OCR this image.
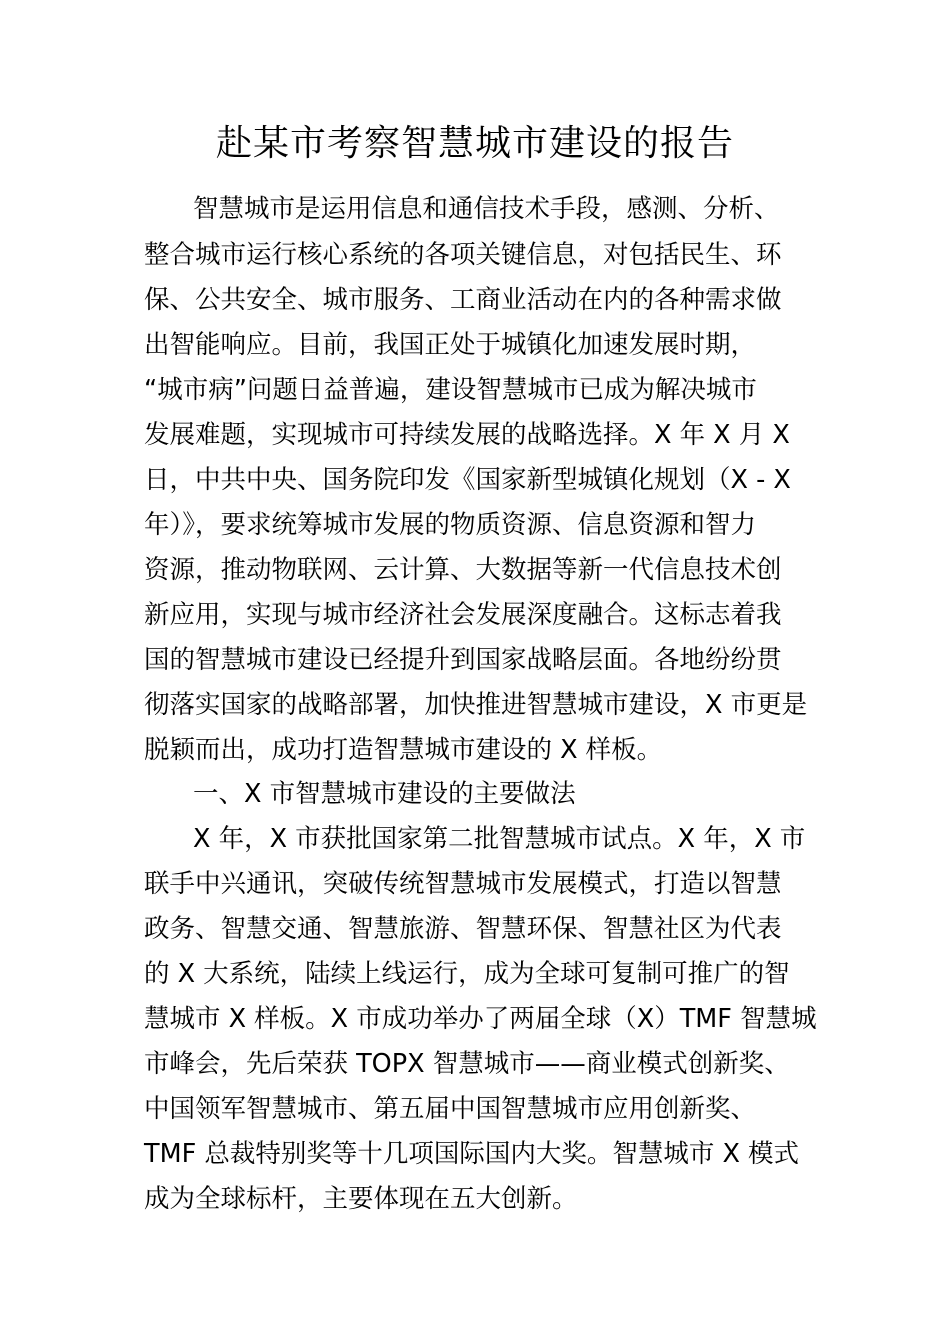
赴某市考察智慧城市建设的报告

智慧城市是运用信息和通信技术手段，感测、分析、

整合城市运行核心系统的各项关键信息，对包括民生、环

保、公共安全、城市服务、工商业活动在内的各种需求做

出智能响应。目前，我国正处于城镇化加速发展时期，

“城市病”问题日益普遍，建设智慧城市已成为解决城市

发展难题，实现城市可持续发展的战略选择。X 年 X 月 X

日，中共中央、国务院印发《国家新型城镇化规划（X - X

年）》，要求统筹城市发展的物质资源、信息资源和智力

资源，推动物联网、云计算、大数据等新一代信息技术创

新应用，实现与城市经济社会发展深度融合。这标志着我

国的智慧城市建设已经提升到国家战略层面。各地纷纷贯

彻落实国家的战略部署，加快推进智慧城市建设，X 市更是

脱颖而出，成功打造智慧城市建设的 X 样板。

一、X 市智慧城市建设的主要做法

X 年，X 市获批国家第二批智慧城市试点。X 年，X 市

联手中兴通讯，突破传统智慧城市发展模式，打造以智慧

政务、智慧交通、智慧旅游、智慧环保、智慧社区为代表

的 X 大系统，陆续上线运行，成为全球可复制可推广的智

慧城市 X 样板。X 市成功举办了两届全球（X）TMF 智慧城

市峰会，先后荣获 TOPX 智慧城市——商业模式创新奖、

中国领军智慧城市、第五届中国智慧城市应用创新奖、

TMF 总裁特别奖等十几项国际国内大奖。智慧城市 X 模式

成为全球标杆，主要体现在五大创新。
